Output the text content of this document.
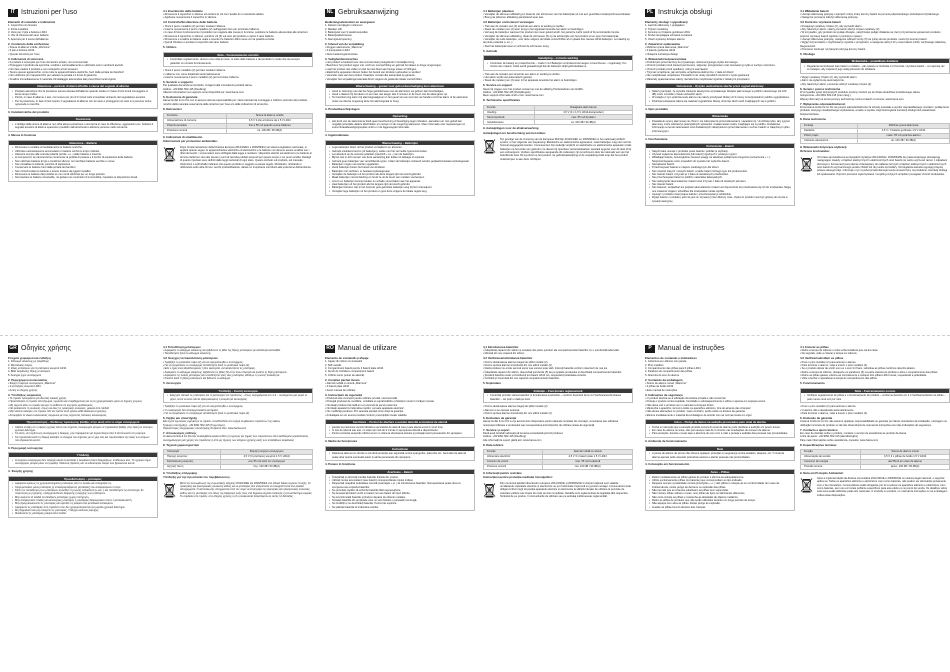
IT Istruzioni per l'uso
Elementi di comando e indicazioni
1. Coperchio con finestra
2. Porta metallica
3. Vano per 3 pile a bottone LR44
4. Vite di chiusura del vano batteria
5. Apertura per il suono dell'allarme
2. Contenuto della confezione
• Sirena di allarme mobile „Warzone"
• 3 pile a bottone LR44
• Queste istruzioni per l'uso
3. Indicazioni di sicurezza
• Il prodotto è concepito per l'uso domestico privato, non commerciale.
• Proteggere il prodotto da sporcizia, umidità e surriscaldamento e utilizzarlo solo in ambienti asciutti.
• Non fare cadere il prodotto e non sottoporlo a forti scossoni.
• Tenere questo apparecchio, come tutte le apparecchiature elettriche, fuori dalla portata dei bambini!
• Non utilizzare più il apparecchio per valutare la portata e il limite di garanzia.
• Smaltire immediatamente il materiale d'imballaggio attenendosi alle prescrizioni locali vigenti.
Attenzione – pericolo di danni all'udito a causa del segnale di allarme
• Prestare attenzione che la pressione sonora elevata dell'allarme quando scatta e in base di Ant tenuti comeggiare in breve tempo l'udito.
• Perciò, in caso di allarme o test, non tenere per più di 3 minuti nelle immediate vicinanze del segnalatore acustico.
• Per la protezione, in fase di test coprire il segnalatore di allarme con la mano e proteggersi nel caso si è persone vicine ognunede è orecchio.
3. Caratteristiche del prodotto
Avvertenza
• L'obbligo della sirena di allarme non offre alcuna protezione o sicurezza in caso di effrazione, aggressioni ecc. Soltanto il segnale acustico di allarme spaventa i possibili malintenzionati e allerta le persone nelle vicinanze.
4. Messa in funzione
Attenzione – Batterie
• Rimuovere e smaltire immediatamente le batterie scariche.
• Utilizzare esclusivamente accumulatori o batterie conformi al tipo indicato.
• Attenersi sempre alla corretta polarità (scritte + e -) delle batterie e inserirle.
• Ai componenti, la manutenzione contenente la perdita di pretesa e il rischio di esplosione delle batterie.
• Non utilizzare batterie di tipi e condizioni diversi, né mischiare batterie vecchie e nuove.
• Non riscaldare le batterie, pericolo di esplosione.
• Conservare le batterie fuori dalla portata dei bambini.
• Non cortocircuitare le batterie e tenere lontano da oggetti metallici.
• Rimuovere le batterie dal prodotto se non verrà utilizzato per un lungo periodo.
• Non lasciare le batterie incustodite, né gettare nei contenitori di immondizia, rispettare le disposizioni locali.
4.1 Inserimento delle batterie
• Rimuovere il coperchio in silicone ed estrarre le viti con l'ausilio di un cacciavite adatto.
• Applicare nuovamente il coperchio in silicone.
4.2 Controllo/Sostituzione delle batterie
• Tirare il perno metallico (2) per fare scattare l'allarme.
• Inserire nuovamente il perno metallico (2) nell'apposito foro per terminare l'allarme.
• In caso di fioco funzionamento il prodotto non reagisca alla messa in funzione, sostituire le batterie attenendosi alle istruzioni.
• Rimuovere il coperchio in silicone, quindi le viti (5) sul retro del prodotto e aprire il vano batterie.
• Rimuovere e smaltire le batterie usate e inserire tre batterie LR44 nuove con la polarità corretta.
• Quindi chiudere e avvitare il coperchio del vano batterie.
5. Utilizzo
Nota – Funzionamento corretto
• Controllare regolarmente, almeno una volta al mese, lo stato delle batterie e del prodotto in modo che sia sempre garantito un corretto funzionamento.
• Tirare il perno metallico (2) per fare scattare l'allarme.
• L'allarme non viene disattivato automaticamente.
• Inserire nuovamente il perno metallico (2) per terminare l'allarme.
6. Servizio e supporto
Per qualsiasi domanda sul prodotto, rivolgersi alla Consulenza prodotti Hama.
Hotline: +49 9091 502-115 (Deu/Eng)
Ulteriori informazioni sul supporto sono disponibili qui: www.hama.com
6. Esclusione di garanzia
Hama GmbH & Co KG non si assume alcuna responsabilità per i danni derivati da montaggio e l'utilizzo scorretto del prodotto, nonché dalla mancata osservanza delle istruzioni per l'uso e/o delle indicazioni di sicurezza.
8. Dati tecnici
Funzione	Sirena di allarme mobile
Alimentazione di corrente	4,5 V 3 pile a bottone da 1,5 V LR44
Potenza acustica	fino a 55 mA quando suona l'allarme
Pressione sonora	ca. 100 dB / 90 dB(A)
9. Indicazioni di smaltimento
Informazioni per protezione ambientale:
Dopo l'implementazione della Direttiva Europea 2012/19/EU e 2006/66/EU nel sistema legislativo nazionale, si applica quanto segue: le apparecchiature elettriche ed elettroniche e le batterie non devono essere smaltite con i rifiuti domestici. I consumatori sono obbligati dalla legge a restituire i dispositivi elettrici ed elettronici e le batterie al termine della loro vita utile presso i punti di raccolta pubblici preposti per questo scopo o nei punti vendita. Dettagli di quanto riportato sono definiti dalle leggi nazionali di ogni stato. Questo simbolo sul prodotto, sul manuale d'istruzioni o sull'imballo indicano che questo prodotto è soggetto a queste regole. Riciclando, ricicliando o utilizzando sotto altra forma i vecchi prodotti/batterie, darete un importante contributo alla protezione dell'ambiente.
NL Gebruiksaanwijzing
Bedieningselementen en weergaven
1. Deksel met kijkgat in siliconen
2. Metalen stift
3. Batterijvak voor 3 steelknoopcellen
4. Batterijvakschroeven
5. Alarmgeluid opening
2. Inhoud van de verpakking
• Ruggen alarmsirene „Warzone"
• 3 knoopcellen LR44
• Deze bedieningsinstructies
3. Veiligheidsinstructies
• Het product is bedoeld voor niet-commercieel privégebruik in huiselijke kring.
• Bescherm het product tegen vuil, vocht en oververhitting en gebruik het alleen in droge omgevingen.
• Laat het product niet vallen en stel het niet bloot aan hevige stoten of trillingen.
• Elektrische apparaten dienen buiten het bereik van kinderen gehouden te worden!
• Verander niets aan het product. Daardoor vervalt elke aanspraak op garantie.
• Verwijder het verpakkingsmateriaal direct volgens de geldende lokale voorschriften.
Waarschuwing – gevaar voor gehoorbeschadiging door alarmtoon
• Houd er rekening mee dat het hoge geluidsniveau van de alarmtoon uw gehoor kan beschadigen.
• Houd u daarom bij het alarm en een test niet langer dan 3 minuten in de buurt van de alarmgever op.
• Ter bescherming stelt u bij alarmsignaalgeven in het geval van een test niet uw handen rond het alarm of de alarmtoon onder uw directe omgeving deze het alarmsignaal te hoog.
3. Productbeschrijvingen
Opmerking
• Het bezit van de alarmsirene biedt geen bescherming of beveiliging tegen inbraken, aanvallen etc. Het geluid kan mogelijk potentiële daders afschrikken en mensen in de omgeving alarmeren. Meer informatie over toepassingen en extra inbraakbeveiligingsopties vindt u in de bijgevoegde informatie.
4. Ingebruikname
Waarschuwing – Batterijen
• Lege batterijen direct uit het product verwijderen en afvoeren.
• Gebruik uitsluitend accu's (of batterijen), welke met het vermelde typenomenmelen.
• Let absoluut op de correcte polariteit (opschrift + en -) van de batterijen.
• Bij het niet in acht nemen van deze aanwijzing kan leiden tot lekkage of explosie.
• Gebruik geen batterijen van verschillende typen. Indien de batterijen verkeerd worden geplaatst bestaat explosiegevaar.
• Batterijen mogen niet worden opgeladen.
• Houd batterijen buiten het bereik van kinderen.
• Batterijen niet verhitten, er bestaat explosiegevaar.
• Verwijder de batterijen uit het product als deze langere tijd niet wordt gebruikt.
• Maak batterijen niet kortsluiting en houd ze uit de buurt van metalen voorwerpen.
• Accu's en batterijen kunnen lekken en schade veroorzaken aan het apparaat.
• Haal batterijen uit het product als het langere tijd niet wordt gebruikt.
• Batterijen behoren niet in het huisvuil; gooi gebruikte batterijen weg bij het inzamelpunt.
• Verwijder lege batterijen uit het product en gooi deze volgens de lokale regels weg.
4.1 Batterijen plaatsen
• Verwijder de siliconen afdekking en draai de vier schroeven van het batterijvak uit met een geschikte kruiskopschroevendraaier.
• Breng de siliconen afdekking aansluitend weer aan.
4.2 Batterijen controleren/ vervangen
• Trek aan de metalen pen (2) teneinde een alarm te werking te stellen.
• Steek de metalen pen (2) weer terug in het apparaat teneinde het alarm te beëindigen.
• Vervang de batterijen wanneer het product niet meer geluid wordt, het geluid te zacht wordt of bij verminderde functie.
• Verwijder de siliconen afdekking, draai de schroeven (5) op de achterzijde van het product uit en open het batterijvak.
• Verwijder de oude batterijen, voer deze volgens de lokale voorschriften af en plaats drie nieuwe LR44-batterijen. Let daarbij op de juiste polariteit (+ en -).
• Sluit het batterijvak weer en schroef de schroeven terug.
5. Gebruik
Aanwijzing – correcte werking
• Controleer de batterij en productfunctie – zoals in 4.2 Batterijen controleren/vervangen is beschreven – regelmatig. Ten minste één maand, zodat wordt gewaarborgd dat de batterijen altijd gebruiksklaar is.
• Trek aan de metalen pen teneinde een alarm in werking te stellen.
• Het alarm wordt niet automatisch gestopt.
• Steek de metalen pen (2) weer in het apparaat teneinde het alarm te beëindigen.
6. Service en support
Neem bij vragen over het product contact op met de afdeling Productadvies van HAMA.
Hotline: +49 9091 502-115 (Duits/Engels)
Meer support-informatie vindt u hier: www.hama.com
8. Technische specificaties
Functie	Draagbare alarmsirene
Voeding	4,5 V (3 x 1,5 V LR44-knoopcellen)
Stroomverbruik	max. 55 mA bij alarm
Geluidsniveau	ca. 100 dB / 90 dB(A)
9. Aanwijzingen voor de afvalverwerking
Aanwijzingen ter bescherming van het milieu:
Ten gevolge van de invoering van de Europese Richtlijn 2012/19/EU en 2006/66/EG in het nationaal juridisch system, is het volgende van toepassing: Elektrische en elektronische apparatuur, zoals batterijen mag niet met het huisvuil weggegooid worden. Consumenten zijn wettelijk verplicht om elektrische en elektronische apparaten zoals batterijen op het einde van gebruik in te dienen bij openbare verzamelplaatsen speciaal opgezet voor dit doel of bij een verkooppunt. Verdere specificaties aangaande dit onderwerp zijn omschreven door de nationale wet van het betreffende land. Dit symbool op het product, de gebruiksaanwijzing of de verpakking duidt erop dat het product onderworpen is aan deze richtlijnen.
PL Instrukcja obsługi
Elementy obsługi i sygnalizacji
1. Łącznik silikonowy z podglądem
2. Trzpień metalowy
3. Komora na 3 baterie guzikowe LR44
4. Śruba zamykająca schowek na baterie
5. Otwór wylotowy dźwięku alarmu
2. Zawartość opakowania
• Mobilna syrena alarmowa „Warzone"
• 3 baterie guzikowe LR44
• Niniejsza instrukcja obsługi
3. Wskazówki bezpieczeństwa
• Produkt jest przeznaczony do prywatnego, niekomercyjnego użytku domowego.
• Chronić produkt przed zanieczyszczeniem, wilgocią i przegrzaniem oraz stosować go tylko w suchym otoczeniu.
• Chronić produkt przed upadkiem i silnymi wstrząsami.
• Trzymać urządzenie, jak wszystkie urządzenia elektryczne, z dala od dzieci!
• Nie modyfikować urządzenia. Prowadzi to do utraty wszelkich roszczeń z tytułu gwarancji.
• Materiały opakowaniowe należy niezwłocznie zutylizować zgodnie z lokalnymi przepisami.
Ostrzeżenie – Ryzyko uszkodzenia słuchu przez sygnał alarmowy
• Należy pamiętać, że wysokie ciśnienie akustyczne wyzwalanego dźwięku alarmowego w pobliżu narażonego (ok 100 dB) może w krótkim czasie uszkodzić słuch.
• W związku z tym podczas testu alarmu nie należy przebywać dłużej niż 3 minuty w bezpośrednim pobliżu sygnalizatora.
• Podczas testowania zaleca się osłaniać sygnalizator dłonią, chroniąc słuch osób znajdujących się w pobliżu.
4. Opis produktu
Wskazówka
• Posiadanie syreny alarmowej nie chroni i nie zabezpiecza przed włamaniami, napadami itp. Umożliwia tylko, aby sygnał alarmowy może odstraszyć potencjalnych sprawców i zaalarmować osoby znajdujące się w pobliżu. Dodatkowe informacje na temat zastosowań oraz dodatkowych zabezpieczeń przed włamaniem można znaleźć w załączonym pliku informacyjnym.
4. Uruchomienie
Ostrzeżenie – Baterii
• Natychmiast usunąć z produktu puste baterie i poddać je utylizacji.
• Używać wyłącznie akumulatorów (lub baterii) zgodnych z podanym typem.
• Wkładając baterie, bezwzględnie zwracać uwagę na właściwe podłączenie biegunów (oznaczenia + i -). Nieprzestrzeganie może prowadzić do wycieku lub wybuchu baterii.
• Nie ładować baterii.
• Przechowywać baterie w miejscu niedostępnym dla dzieci.
• Nie mieszać starych i nowych baterii, a także baterii różnego typu lub producentów.
• Nie zwierać baterii i trzymać je z dala od metalowych przedmiotów.
• Nie przechowywać baterii w pobliżu materiałów łatwopalnych.
• Nie nadwyrężać akumulatorów i baterii oraz trzymać z dala od otwartych płomieni.
• Nie zwierać baterii.
• Nie otwierać, uszkadzać ani połykać akumulatorów i baterii ani dopuszczać do przedostania się ich do środowiska. Mogą one zawierać trujące i szkodliwe dla środowiska metale ciężkie.
• Usunąć z produktu nieużywane baterie i przechowywać je oddzielnie.
• Wyjąć baterie z produktu, jeśli nie jest on używany przez dłuższy czas, chyba że produkt musi być gotowy do użycia w sytuacji awaryjnej.
4.1 Wkładanie baterii
• Usunąć silikonową pokrywę i wykręcić cztery śruby komory baterii za pomocą odpowiedniego śrubokręta krzyżakowego.
• Następnie ponownie założyć silikonową pokrywę.
4.2 Kontrola / wymiana baterii
• Pociągnąć metalowy trzpień (2), aby wyzwolić alarm.
• Aby zakończyć alarm, należy ponownie włożyć trzpień metalowy (2).
• W przypadku, gdy produkt nie wydaje dźwięku, natychmiast podjąć działania na rzecz przywrócenia sprawności produktu poprzez wymianę baterii zgodnie z poniższym opisem.
• Usunąć silikonową pokrywę, następnie odkręcić śruby (5) na tylnej stronie produktu i otworzyć komorę baterii.
• Wyjąć zużyte baterie i zutylizować je zgodnie z przepisami, a następnie włożyć trzy nowe baterie LR44, zachowując właściwą biegunowość.
• Ponownie zamknąć i przykręcić pokrywę komory baterii.
5. Obsługa
Wskazówka – prawidłowe działanie
• Regularnie kontrolować stan baterii i produktu – jak opisano w rozdziale 4.2 Kontrola / wymiana baterii – co najmniej raz w miesiącu, aby zapewnić jego stałą gotowość do działania.
• Wyjąć metalowy trzpień (2), aby wyzwolić alarm.
• Alarm nie wyłącza się automatycznie.
• Aby zakończyć alarm, ponownie włożyć metalowy trzpień (2).
6. Serwis i pomoc techniczna
W przypadku pytań dotyczących produktu prosimy zwrócić się do działu doradztwa produktowego Hama.
Gorąca linia: +49 9091 502-115 (niem./ang.)
Więcej informacji na temat pomocy technicznej można znaleźć na stronie: www.hama.com
7. Wyłączenie odpowiedzialności
Firma Hama GmbH & Co KG nie ponosi odpowiedzialności za szkody powstałe w wyniku nieprawidłowego montażu i podłączenia produktu oraz jego niewłaściwego użytkowania, a także w wyniku nieprzestrzegania instrukcji obsługi i/lub wskazówek bezpieczeństwa.
8. Dane techniczne
Funkcja	Mobilna syrena alarmowa
Zasilanie	4,5 V / 3 baterie guzikowe 1,5 V LR44
Pobór prądu	maks. 55 mA podczas alarmu
Ciśnienie akustyczne	ok. 100 dB / 90 dB(A)
9. Wskazówki dotyczące utylizacji
Ochrona środowiska:
Od czasu wprowadzenia europejskich dyrektyw 2012/19/UE i 2006/66/WE do prawa krajowego obowiązują następujące zasady: urządzeń elektrycznych i elektronicznych oraz baterii nie wolno wyrzucać razem z odpadami domowymi. Konsument jest prawnie zobowiązany do oddania zużytych urządzeń elektrycznych i elektronicznych oraz baterii do wyznaczonego punktu zbiórki lub do punktu sprzedaży. Szczegółowe kwestie regulują przepisy prawne danego kraju. Informuje o tym symbol przekreślonego kosza umieszczony na produkcie, instrukcji obsługi lub opakowaniu. Poprzez ponowne wykorzystanie i recykling zużytych urządzeń pomagasz chronić środowisko.
GR Οδηγίες χρήσης
Στοιχεία χειρισμού και ενδείξεις
1. Κάλυμμα σιλικόνης με παράθυρο
2. Μεταλλικός πείρος
3. Θήκη μπαταριών για 3 μπαταρίες κουμπιά LR44
4. Βίδα ασφάλισης θήκης μπαταριών
5. Άνοιγμα ήχου συναγερμού
2. Περιεχόμενα συσκευασίας
• Φορητή σειρήνα συναγερμού „Warzone"
• 3 μπαταρίες κουμπιά LR44
• Αυτές οι οδηγίες χρήσης
3. Υποδείξεις ασφαλείας
• Το προϊόν προορίζεται για ιδιωτική οικιακή χρήση.
• Προστατεύετε το προϊόν από βρωμιά, υγρασία και υπερθέρμανση και να το χρησιμοποιείτε μόνο σε ξηρούς χώρους.
• Μη ρίχνετε κάτω το προϊόν και μην το εκθέτετε σε ισχυρούς κραδασμούς.
• Να φυλάσσετε τη συσκευή, όπως και όλες τις ηλεκτρικές συσκευές, μακριά από παιδιά!
• Μην κάνετε αλλαγές στο προϊόν. Με τον τρόπο αυτό χάνετε κάθε δικαίωμα εγγύησης.
• Απορρίψτε το υλικό συσκευασίας σύμφωνα με τους ισχύοντες τοπικούς κανονισμούς.
Προειδοποίηση – Κίνδυνος πρόκλησης βλάβης στην ακοή από το σήμα συναγερμού
• Λάβετε υπόψη ότι η υψηλή ηχητική πίεση του σήματος συναγερμού μπορεί να προκαλέσει βλάβη στην ακοή σε σύντομο χρονικό διάστημα.
• Για αυτό, σε περίπτωση συναγερμού ή δοκιμής, μην παραμένετε για περισσότερα από 3 λεπτά κοντά στη σειρήνα.
• Για προστασία κατά τη δοκιμή καλύψτε το άνοιγμα του σήματος με το χέρι σας και προστατέψτε την ακοή των ατόμων που βρίσκονται κοντά.
3. Περιγραφή λειτουργίας
Υπόδειξη
• Η σειρήνα συναγερμού δεν παρέχει καμία προστασία ή ασφάλεια έναντι διαρρήξεων, επιθέσεων κλπ. Το ηχητικό σήμα συναγερμού μπορεί μόνο να τρομάξει πιθανούς δράστες και να ειδοποιήσει άτομα που βρίσκονται κοντά.
4. Έναρξη χρήσης
Προειδοποίηση – μπαταρίες
• Αφαιρείτε αμέσως τις χρησιμοποιημένες μπαταρίες από το προϊόν και απορρίψτε τις.
• Χρησιμοποιείτε μόνο μπαταρίες (ή επαναφορτιζόμενες μπαταρίες) του αναφερόμενου τύπου.
• Κατά την τοποθέτηση των μπαταριών προσέξτε τη σωστή πολικότητα (+ και -) και τοποθετήστε τις αντίστοιχα. Σε περίπτωση μη τήρησης, υπάρχει κίνδυνος διαρροής ή έκρηξης των μπαταριών.
• Μην αφήνετε τα παιδιά να αλλάζουν μπαταρίες χωρίς επιτήρηση.
• Μην αναμειγνύετε παλιές και καινούργιες μπαταρίες ή μπαταρίες διαφορετικού τύπου ή κατασκευαστή.
• Μην βραχυκυκλώνετε τις μπαταρίες και κρατάτε τις μακριά από μεταλλικά αντικείμενα.
• Αφαιρέστε τις μπαταρίες από προϊόντα που δεν χρησιμοποιούνται για μεγάλο χρονικό διάστημα.
• Μη θερμαίνετε και μην ανοίγετε τις μπαταρίες. Υπάρχει κίνδυνος έκρηξης.
• Φυλάσσετε τις μπαταρίες μακριά από παιδιά.
4.1 Τοποθέτηση μπαταριών
• Αφαιρέστε το κάλυμμα σιλικόνης και ξεβιδώστε τη βίδα της θήκης μπαταριών με κατάλληλο κατσαβίδι.
• Τοποθετήστε ξανά το κάλυμμα σιλικόνης.
4.2 Έλεγχος/ αντικατάσταση μπαταριών
• Τραβήξτε το μεταλλικό πείρο (2) για να ενεργοποιηθεί ο συναγερμός.
• Για να τερματίσετε το συναγερμό τοποθετήστε ξανά το μεταλλικό πείρο (2).
• Εάν ο ήχος είναι εξασθενημένος ή δεν ακούγεται, αντικαταστήστε τις μπαταρίες.
• Αφαιρέστε το κάλυμμα σιλικόνης, ξεβιδώστε τις βίδες (5) στην πίσω πλευρά και ανοίξτε τη θήκη μπαταριών.
• Αφαιρέστε τις παλιές μπαταρίες και τοποθετήστε τρεις νέες μπαταρίες LR44 με τη σωστή πολικότητα.
• Κλείστε ξανά τη θήκη μπαταριών και βιδώστε το κάλυμμα.
5. Λειτουργία
Υπόδειξη – Σωστή λειτουργία
• Ελέγχετε τακτικά τις μπαταρίες και τη λειτουργία του προϊόντος – όπως περιγράφεται στο 4.2 – τουλάχιστον μία φορά το μήνα, ώστε να είναι πάντα εξασφαλισμένη η ετοιμότητα λειτουργίας.
• Τραβήξτε το μεταλλικό πείρο (2) για να ενεργοποιηθεί ο συναγερμός.
• Ο συναγερμός δεν απενεργοποιείται αυτόματα.
• Για να τερματίσετε το συναγερμό τοποθετήστε ξανά το μεταλλικό πείρο (2).
6. Σέρβις και υποστήριξη
Εάν έχετε ερωτήσεις σχετικά με το προϊόν, απευθυνθείτε στο τμήμα συμβουλών προϊόντων της Hama.
Γραμμή υποστήριξης: +49 9091 502-115 (Γερμ./Αγγλ.)
Περισσότερες πληροφορίες υποστήριξης θα βρείτε εδώ: www.hama.com
7. Αποκλεισμός ευθύνης
Η Hama GmbH & Co KG δεν αναλαμβάνει καμία ευθύνη ή εγγύηση για ζημιές που προκύπτουν από λανθασμένη εγκατάσταση, συναρμολόγηση και χρήση του προϊόντος ή από μη τήρηση των οδηγιών χρήσης και/ή των υποδείξεων ασφαλείας.
8. Τεχνικά χαρακτηριστικά
Λειτουργία	Φορητή σειρήνα συναγερμού
Παροχή ρεύματος	4,5 V (3 μπαταρίες κουμπιά 1,5 V LR44)
Κατανάλωση ρεύματος	έως 55 mA κατά τον συναγερμό
Ηχητική πίεση	περ. 100 dB / 90 dB(A)
9. Υποδείξεις απόρριψης
Υπόδειξη για την προστασία του περιβάλλοντος:
Μετά την ενσωμάτωση της ευρωπαϊκής οδηγίας 2012/19/ΕΕ και 2006/66/ΕΚ στο εθνικό δίκαιο ισχύουν τα εξής: Οι ηλεκτρικές και ηλεκτρονικές συσκευές καθώς και οι μπαταρίες δεν επιτρέπεται να απορρίπτονται στα οικιακά απορρίμματα. Ο καταναλωτής υποχρεούται από τον νόμο να επιστρέφει τις ηλεκτρικές και ηλεκτρονικές συσκευές καθώς και τις μπαταρίες στο τέλος της διάρκειας ζωής τους στα δημόσια σημεία συλλογής ή στο κατάστημα αγοράς. Το σύμβολο στο προϊόν, στις οδηγίες χρήσης ή στη συσκευασία παραπέμπει σε αυτές τις διατάξεις.
RO Manual de utilizare
Elemente de comandă și afișaje
1. Capac din silicon cu fereastră
2. Știft metalic
3. Compartiment baterii pentru 3 baterii plate LR44
4. Șurub de închidere compartiment baterii
5. Orificiu sonor (sunet de alarmă)
2. Conținut pachet livrare
• Alarmă mobilă cu sirenă „Warzone"
• 3 baterii plate LR44
• Acest manual de utilizare
3. Instrucțiuni de siguranță
• Produsul este conceput pentru utilizare privată, necomercială.
• Protejați produsul de murdărie, umiditate și supraîncălzire și folosiți-l numai în încăperi uscate.
• Nu lăsați produsul să cadă și nu-l expuneți la șocuri puternice.
• Nu lăsați aparatul la îndemâna copiilor, ca toate aparatele electrice!
• Nu modificați produsul. Prin aceasta pierdeți orice drept la garanție.
• Ambalajele se vor arunca imediat conform prescripțiilor locale valabile.
Avertizare – Pericol de afectare a auzului datorită semnalului de alarmă
• Atenție la presiunea sonoră ridicată a semnalului de alarmă care poate afecta auzul în scurt timp.
• În caz de alarmă sau test, nu stați mai mult de 3 minute în apropierea directă a dispozitivului.
• Pentru protecție acoperiți orificiul sonor cu mâna la efectuarea testului și protejați auzul persoanelor din apropiere.
3. Mediu de funcționare
Instrucțiune
• Deținerea alarmei cu sirenă nu vă oferă protecție sau siguranță contra spargerilor, atacurilor etc. Semnalul de alarmă poate doar speria eventualii autori și alerta persoanele din apropiere.
4. Punere în funcțiune
Avertizare – Baterii
• Îndepărtați și eliminați imediat bateriile folosite din produs.
• Utilizați numai acumulatori (sau baterii) corespunzătoare tipului indicat.
• Respectați neapărat polaritatea corectă (marcajele + și -) la introducerea bateriilor. Nerespectarea poate duce la scurgerea sau explozia bateriilor.
• Nu permiteți copiilor să schimbe bateriile fără supraveghere.
• Nu amestecați baterii vechi cu baterii noi sau baterii de tipuri diferite.
• Nu scurtcircuitați bateriile și țineți-le departe de obiecte metalice.
• Scoateți bateriile din produsele care nu sunt folosite o perioadă mai lungă.
• Nu încălziți și nu deschideți bateriile. Pericol de explozie.
• Nu păstrați bateriile la îndemâna copiilor.
4.1 Introducerea bateriilor
• Îndepărtați capacul din silicon și scoateți cele patru șuruburi ale compartimentului bateriilor cu o șurubelniță adecvată.
• Montați din nou capacul din silicon.
4.2 Verificarea/schimbarea bateriilor
• Pentru declanșarea alarmei trageți de știftul metalic (2).
• Pentru oprirea alarmei introduceți din nou știftul metalic (2).
• Dacă produsul nu emite semnal sonor sau sunetul este slab, înlocuiți bateriile conform descrierii de mai jos.
• Îndepărtați capacul din silicon, deșurubați șuruburile (5) de pe spatele produsului și deschideți compartimentul bateriilor.
• Scoateți bateriile uzate și introduceți trei baterii LR44 noi, respectând polaritatea corectă.
• Închideți și înșurubați din nou capacul compartimentului bateriilor.
5. Exploatare
Indicație – Funcționare reglementară
• Controlați periodic starea bateriilor și funcționarea produsului – conform descrierii de la 4.2 Verificarea/schimbarea bateriilor – cel puțin o dată pe lună.
• Pentru declanșarea alarmei trageți de știftul metalic (2).
• Alarma nu se oprește automat.
• Pentru oprirea alarmei introduceți din nou știftul metalic (2).
6. Excludere de garanție
Hama GmbH & Co KG nu își asumă nicio răspundere pentru daunele rezultate din montajul, conectarea sau utilizarea necorespunzătoare a produsului sau nerespectarea instrucțiunilor de utilizare și/sau de siguranță.
7. Service și suport
Dacă aveți întrebări adresați-vă la Hama consultanță privind produsul.
Hotline: +49 9091 502-115 (Deu/Eng)
Alte informații de suport găsiți aici: www.hama.com
8. Date tehnice
Funcție	Alarmă mobilă cu sirenă
Alimentare electrică	4,5 V 3 x baterii plate 1,5 V LR44
Consum de curent	max. 55 mA la alarmă
Presiune sonoră	cca. 100 dB / 90 dB(A)
9. Informații pentru reciclare
Instrucțiuni pentru protecția mediului înconjurător:
Din momentul aplicării directivelor europene 2012/19/UE și 2006/66/CE în dreptul național sunt valabile următoarele: Aparatele electrice și electronice nu pot fi eliminate împreună cu gunoiul menajer. Consumatorul este obligat conform legii să predea aparatele electrice și electronice la sfârșitul duratei de utilizare la punctele de colectare publice sau înapoi de unde au fost cumpărate. Detaliile sunt reglementate de legislația țării respective. Simbolul de pe produs, în instrucțiunile de utilizare sau pe ambalaj indică aceste reglementări.
P Manual de instruções
Elementos de comando e indicadores
1. Cobertura em silicone com janela
2. Pino metálico
3. Compartimento das pilhas para 3 pilhas LR44
4. Parafuso do compartimento das pilhas
5. Abertura do som do alarme
2. Conteúdo da embalagem
• Sirene de alarme móvel „Warzone"
• 3 pilhas de botão LR44
• Este manual de instruções
3. Indicações de segurança
• O produto destina-se à utilização doméstica privada e não comercial.
• Proteja o produto contra sujidade, humidade e sobreaquecimento e utilize-o apenas em espaços secos.
• Não deixe cair o produto nem o submeta a choques fortes.
• Mantenha o aparelho, tal como todos os aparelhos elétricos, fora do alcance das crianças!
• Não efetue alterações no produto. Caso contrário, perde todos os direitos de garantia.
• Elimine imediatamente o material da embalagem de acordo com as normas locais em vigor.
Aviso – Perigo de danos na audição provocados pelo sinal de alarme
• Tenha em atenção que a elevada pressão sonora do sinal de alarme pode danificar a audição em pouco tempo.
• Em caso de alarme ou teste, não permaneça mais de 3 minutos nas imediações do emissor de alarme.
• Para proteção, durante o teste tape a abertura do som com a mão e proteja a audição das pessoas nas proximidades.
3. Ambiente de funcionamento
Nota
• A posse do alarme de sirene não oferece qualquer proteção ou segurança contra assaltos, ataques, etc. O sinal de alarme apenas pode assustar potenciais autores e alertar pessoas nas proximidades.
4. Colocação em funcionamento
Aviso – Pilhas
• Retire imediatamente as pilhas gastas do produto e elimine-as adequadamente.
• Utilize exclusivamente pilhas (ou baterias) que correspondam ao tipo indicado.
• Respeite sempre a polaridade correta (inscrições + e -) das pilhas e coloque-as em conformidade. Em caso de inobservância, existe perigo de derrame ou explosão das pilhas.
• Não permita que as crianças substituam as pilhas sem supervisão.
• Não misture pilhas velhas e novas, nem pilhas de tipos ou fabricantes diferentes.
• Não curto-circuite as pilhas e mantenha-as afastadas de objetos metálicos.
• Retire as pilhas de produtos que não serão utilizados durante um longo período de tempo.
• Não aqueça nem abra as pilhas. Existe perigo de explosão.
• Guarde as pilhas fora do alcance das crianças.
4.1 Colocar as pilhas
• Retire a tampa de silicone e retire a fita isoladora que cai da caixa.
• De seguida, volte a colocar a tampa em silicone.
4.2 Verificar/substituir as pilhas
• Puxe o pino metálico (2) para acionar o alarme.
• Para terminar o alarme, volte a inserir o pino metálico (2).
• Se o produto deixar de emitir som ou o som for fraco, substitua as pilhas conforme descrito abaixo.
• Retire a tampa de silicone, desaperte os parafusos (5) na parte traseira do produto e abra o compartimento das pilhas.
• Retire as pilhas gastas, elimine-as corretamente e coloque três pilhas LR44 novas, respeitando a polaridade.
• Volte a fechar e aparafusar a tampa do compartimento das pilhas.
5. Funcionamento
Nota – Funcionamento correto
• Verifique regularmente as pilhas e o funcionamento do produto – conforme descrito em 4.2 Verificar/substituir as pilhas – pelo menos uma vez por mês.
• Puxe o pino metálico (2) para acionar o alarme.
• O alarme não é desativado automaticamente.
• Para terminar o alarme, volte a inserir o pino metálico (2).
6. Exclusão de garantia
A Hama GmbH & Co KG não assume qualquer responsabilidade ou garantia por danos resultantes da instalação, montagem ou utilização incorreta do produto ou da não observância do manual de instruções e/ou das indicações de segurança.
7. Contacto e apoio técnico
Em caso de dúvidas sobre o produto, contacte o serviço de assistência ao produto da Hama.
Linha de apoio: +49 9091 502-115 (alemão/inglês)
Para mais informações sobre assistência, consulte: www.hama.com
8. Especificações técnicas
Função	Sirene de alarme móvel
Alimentação de tensão	4,5 V 3 x pilhas de botão 1,5 V LR44
Consumo de energia	até 55mA em caso de alarme
Pressão sonora	aprox. 100 dB / 90 dB(A)
9. Nota em Proteção Ambiental:
Após a implementação da diretiva comunitária 2012/19/UE e 2006/66/CE no sistema legal nacional, o seguinte aplica-se: Todos os aparelhos elétricos e eletrónicos, bem como baterias, não podem ser eliminados juntamente com o lixo doméstico. Consumidores estão obrigados por lei a colocar os aparelhos elétricos e eletrónicos, bem como baterias, sem uso em locais públicos específicos para este efeito ou no ponto de venda. Os detalhes sobre este tema estão definidos pelas leis nacionais. O símbolo no produto, no manual de instruções ou na embalagem indica estas disposições.
